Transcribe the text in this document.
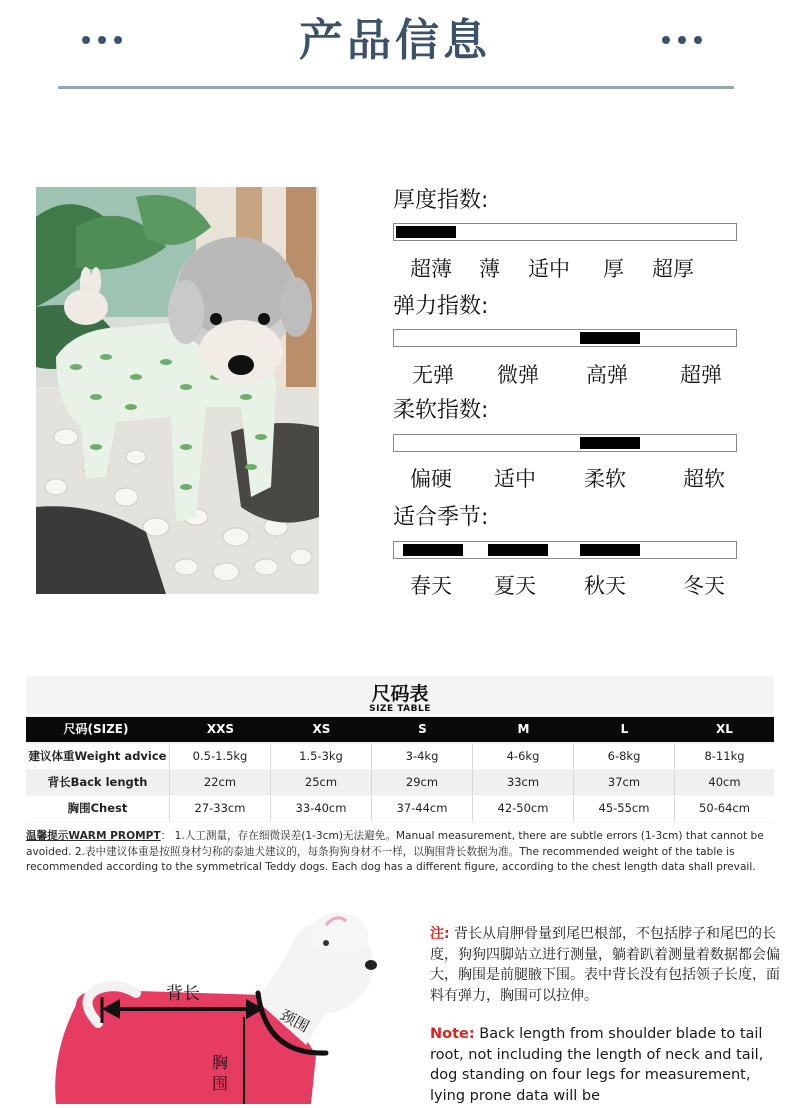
产品信息
厚度指数:
超薄 薄 适中 厚 超厚
弹力指数:
无弹 微弹 高弹 超弹
柔软指数:
偏硬 适中 柔软	超软
适合季节:
春天 夏天 秋天	冬天
尺码表
SIZE TABLE
尺码(SIZE)	XXS	XS	S	M	L	XL
建议体重Weight advice	0.5-1.5kg	1.5-3kg	3-4kg	4-6kg	6-8kg	8-11kg
背长Back length	22cm	25cm	29cm	33cm	37cm	40cm
胸围Chest	27-33cm	33-40cm	37-44cm	42-50cm	45-55cm	50-64cm
温馨提示WARM PROMPT： 1.人工测量，存在细微误差(1-3cm)无法避免。Manual measurement, there are subtle errors (1-3cm) that cannot be avoided. 2.表中建议体重是按照身材匀称的泰迪犬建议的，每条狗狗身材不一样，以胸围背长数据为准。The recommended weight of the table is recommended according to the symmetrical Teddy dogs. Each dog has a different figure, according to the chest length data shall prevail.
背长
颈围
胸
围
注: 背长从肩胛骨量到尾巴根部，不包括脖子和尾巴的长度，狗狗四脚站立进行测量，躺着趴着测量着数据都会偏大，胸围是前腿腋下围。表中背长没有包括领子长度，面料有弹力，胸围可以拉伸。
Note: Back length from shoulder blade to tail root, not including the length of neck and tail, dog standing on four legs for measurement, lying prone data will be
